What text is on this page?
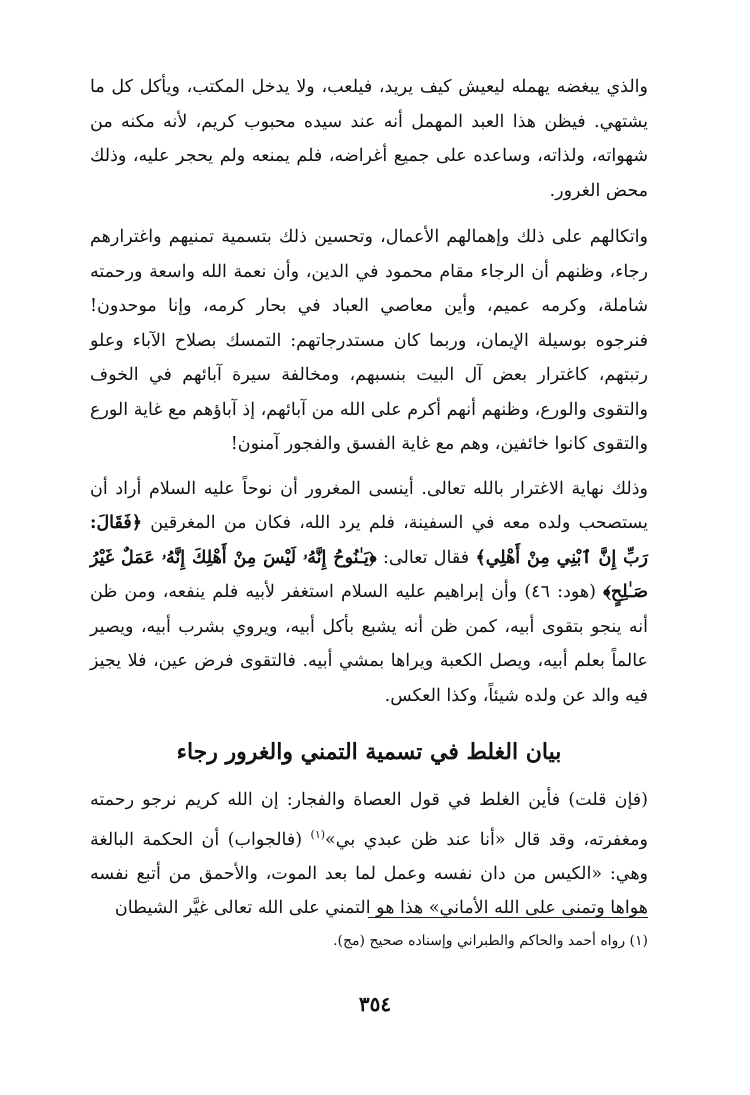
والذي يبغضه يهمله ليعيش كيف يريد، فيلعب، ولا يدخل المكتب، ويأكل كل ما يشتهي. فيظن هذا العبد المهمل أنه عند سيده محبوب كريم، لأنه مكنه من شهواته، ولذاته، وساعده على جميع أغراضه، فلم يمنعه ولم يحجر عليه، وذلك محض الغرور.

واتكالهم على ذلك وإهمالهم الأعمال، وتحسين ذلك بتسمية تمنيهم واغترارهم رجاء، وظنهم أن الرجاء مقام محمود في الدين، وأن نعمة الله واسعة ورحمته شاملة، وكرمه عميم، وأين معاصي العباد في بحار كرمه، وإنا موحدون! فنرجوه بوسيلة الإيمان، وربما كان مستدرجاتهم: التمسك بصلاح الآباء وعلو رتبتهم، كاغترار بعض آل البيت بنسبهم، ومخالفة سيرة آبائهم في الخوف والتقوى والورع، وظنهم أنهم أكرم على الله من آبائهم، إذ آباؤهم مع غاية الورع والتقوى كانوا خائفين، وهم مع غاية الفسق والفجور آمنون!

وذلك نهاية الاغترار بالله تعالى. أينسى المغرور أن نوحاً عليه السلام أراد أن يستصحب ولده معه في السفينة، فلم يرد الله، فكان من المغرقين ﴿فَقَالَ: رَبِّ إِنَّ ٱبْنِي مِنْ أَهْلِي﴾ فقال تعالى: ﴿يَـٰنُوحُ إِنَّهُۥ لَيْسَ مِنْ أَهْلِكَ إِنَّهُۥ عَمَلٌ غَيْرُ صَـٰلِحٍ﴾ (هود: ٤٦) وأن إبراهيم عليه السلام استغفر لأبيه فلم ينفعه، ومن ظن أنه ينجو بتقوى أبيه، كمن ظن أنه يشبع بأكل أبيه، ويروي بشرب أبيه، ويصير عالماً بعلم أبيه، ويصل الكعبة ويراها بمشي أبيه. فالتقوى فرض عين، فلا يجيز فيه والد عن ولده شيئاً، وكذا العكس.

بيان الغلط في تسمية التمني والغرور رجاء

(فإن قلت) فأين الغلط في قول العصاة والفجار: إن الله كريم نرجو رحمته ومغفرته، وقد قال «أنا عند ظن عبدي بي»$^{(١)}$ (فالجواب) أن الحكمة البالغة وهي: «الكيس من دان نفسه وعمل لما بعد الموت، والأحمق من أتبع نفسه هواها وتمنى على الله الأماني» هذا هو التمني على الله تعالى غيَّر الشيطان

(١) رواه أحمد والحاكم والطبراني وإسناده صحيح (مج).
٣٥٤
